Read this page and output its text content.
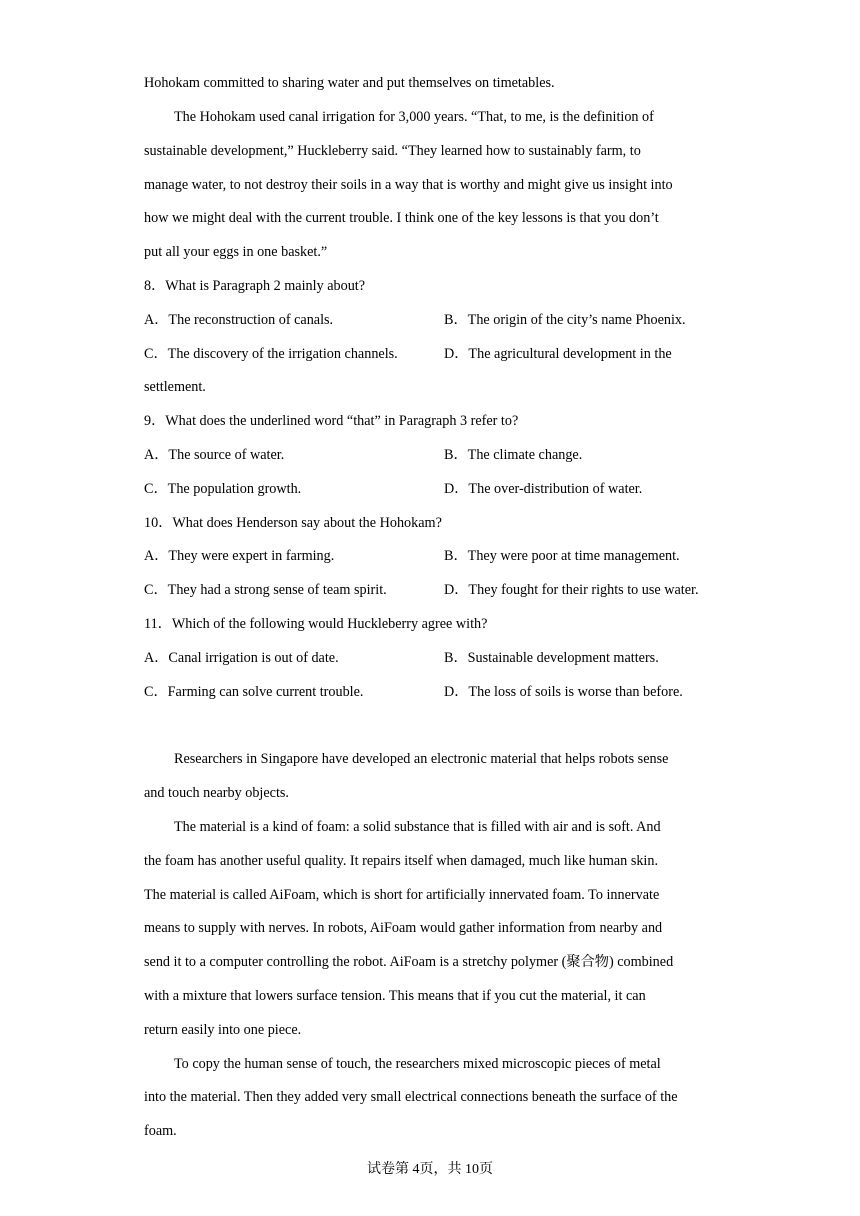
Hohokam committed to sharing water and put themselves on timetables.
The Hohokam used canal irrigation for 3,000 years. “That, to me, is the definition of
sustainable development,” Huckleberry said. “They learned how to sustainably farm, to
manage water, to not destroy their soils in a way that is worthy and might give us insight into
how we might deal with the current trouble. I think one of the key lessons is that you don’t
put all your eggs in one basket.”
8．What is Paragraph 2 mainly about?
A．The reconstruction of canals.	B．The origin of the city’s name Phoenix.
C．The discovery of the irrigation channels.	D．The agricultural development in the
settlement.
9．What does the underlined word “that” in Paragraph 3 refer to?
A．The source of water.	B．The climate change.
C．The population growth.	D．The over-distribution of water.
10．What does Henderson say about the Hohokam?
A．They were expert in farming.	B．They were poor at time management.
C．They had a strong sense of team spirit.	D．They fought for their rights to use water.
11．Which of the following would Huckleberry agree with?
A．Canal irrigation is out of date.	B．Sustainable development matters.
C．Farming can solve current trouble.	D．The loss of soils is worse than before.
Researchers in Singapore have developed an electronic material that helps robots sense
and touch nearby objects.
The material is a kind of foam: a solid substance that is filled with air and is soft. And
the foam has another useful quality. It repairs itself when damaged, much like human skin.
The material is called AiFoam, which is short for artificially innervated foam. To innervate
means to supply with nerves. In robots, AiFoam would gather information from nearby and
send it to a computer controlling the robot. AiFoam is a stretchy polymer (聚合物) combined
with a mixture that lowers surface tension. This means that if you cut the material, it can
return easily into one piece.
To copy the human sense of touch, the researchers mixed microscopic pieces of metal
into the material. Then they added very small electrical connections beneath the surface of the
foam.
试卷第 4页，共 10页
